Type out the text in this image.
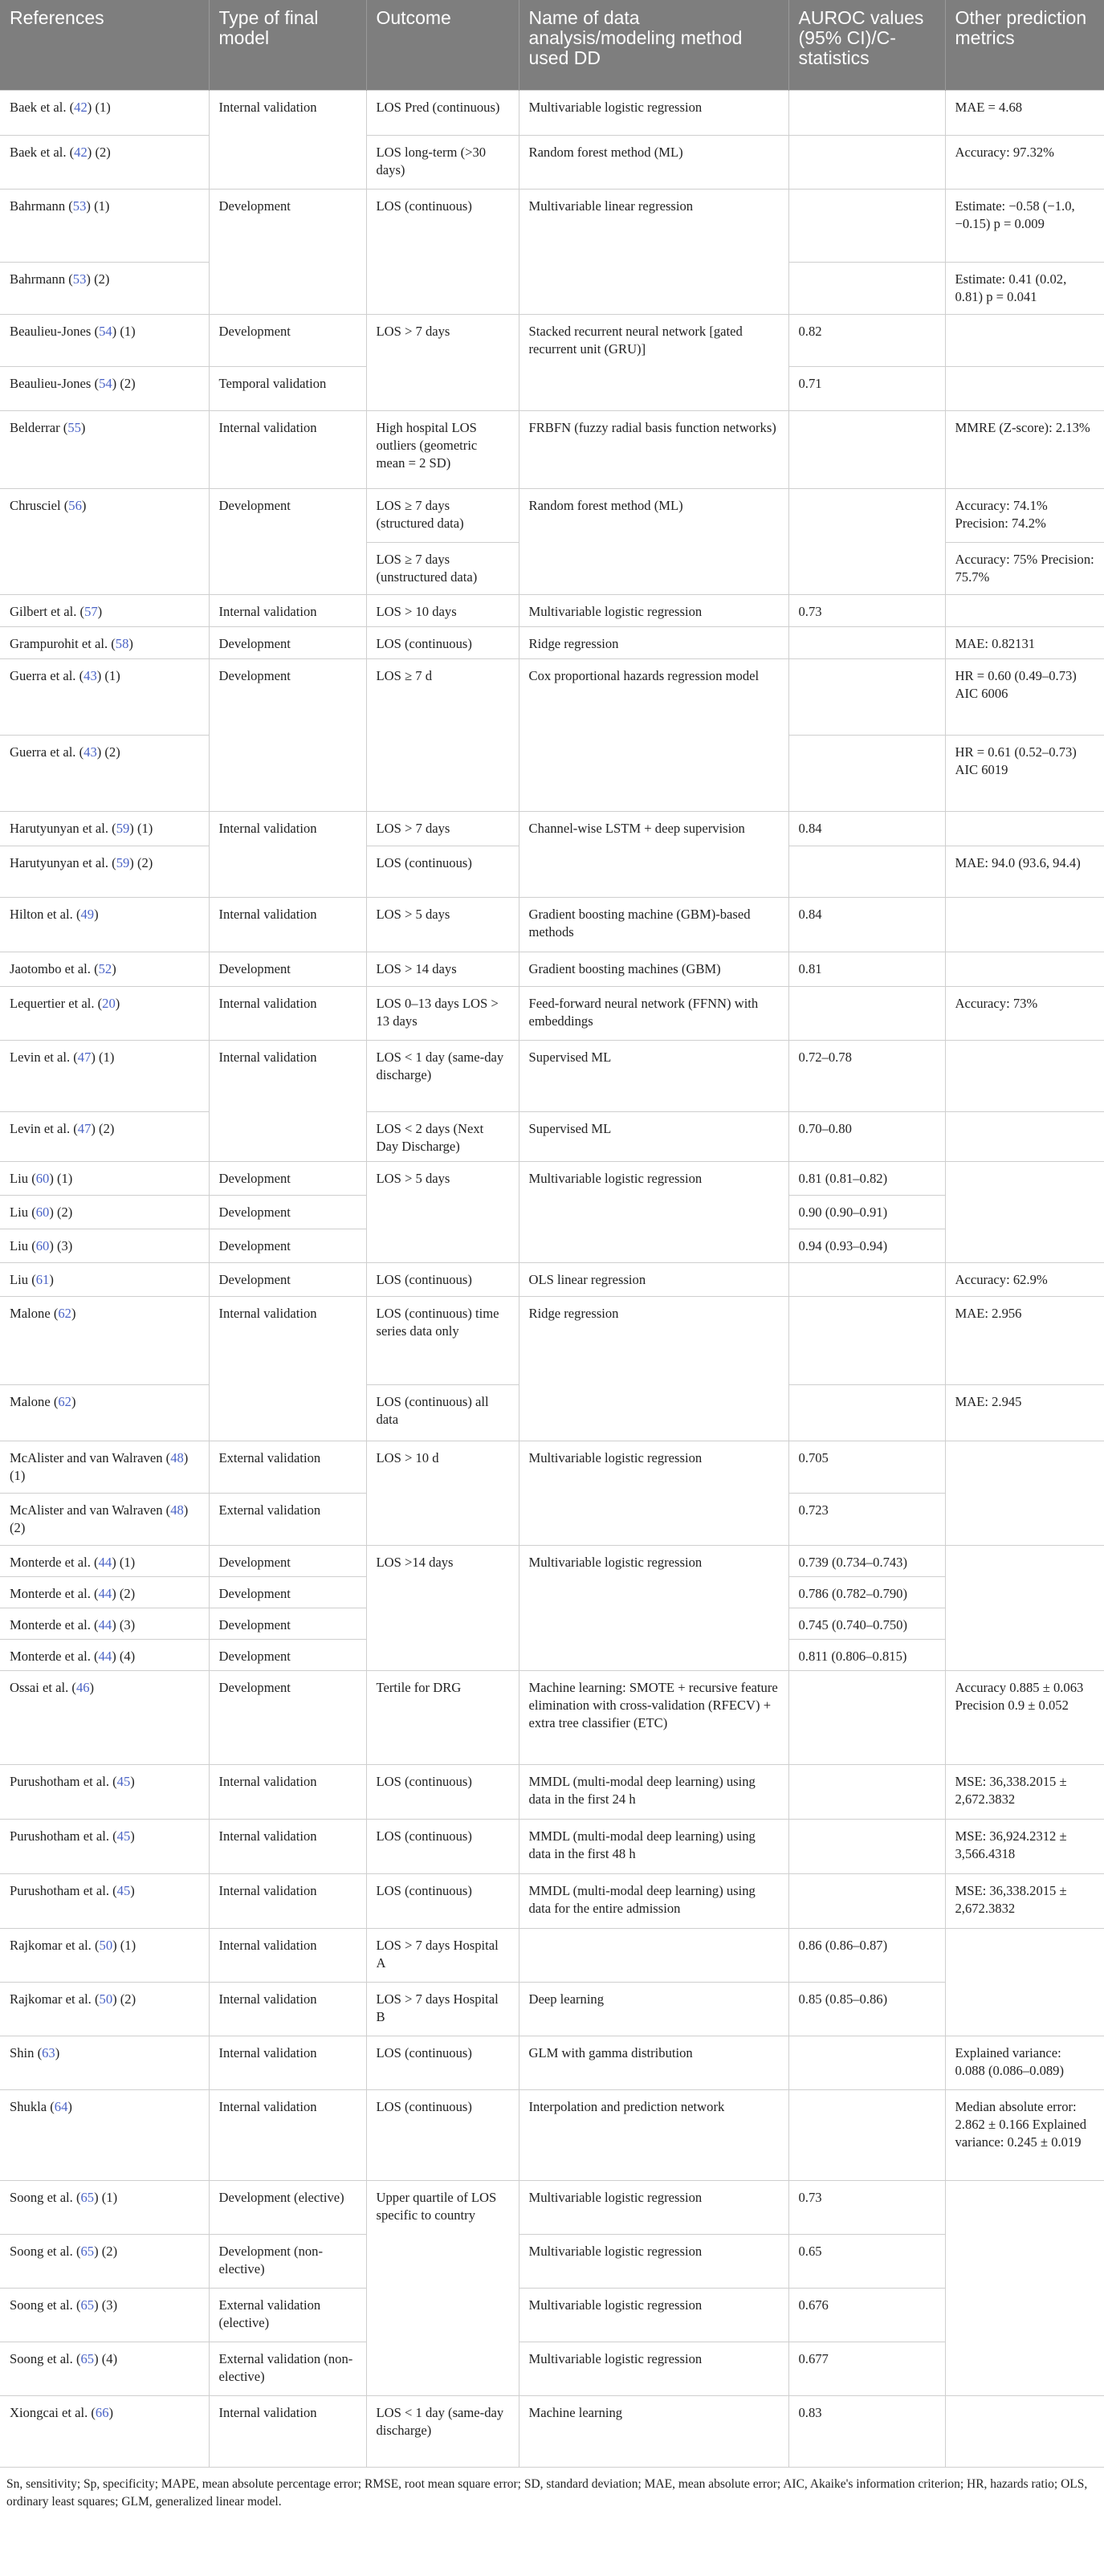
References	Type of final model	Outcome	Name of data analysis/modeling method used DD	AUROC values (95% CI)/C-statistics	Other prediction metrics
Baek et al. (42) (1)	Internal validation	LOS Pred (continuous)	Multivariable logistic regression		MAE = 4.68
Baek et al. (42) (2)		LOS long-term (>30 days)	Random forest method (ML)		Accuracy: 97.32%
Bahrmann (53) (1)	Development	LOS (continuous)	Multivariable linear regression		Estimate: −0.58 (−1.0, −0.15) p = 0.009
Bahrmann (53) (2)					Estimate: 0.41 (0.02, 0.81) p = 0.041
Beaulieu-Jones (54) (1)	Development	LOS > 7 days	Stacked recurrent neural network [gated recurrent unit (GRU)]	0.82	
Beaulieu-Jones (54) (2)	Temporal validation			0.71	
Belderrar (55)	Internal validation	High hospital LOS outliers (geometric mean = 2 SD)	FRBFN (fuzzy radial basis function networks)		MMRE (Z-score): 2.13%
Chrusciel (56)	Development	LOS ≥ 7 days (structured data)	Random forest method (ML)		Accuracy: 74.1% Precision: 74.2%
		LOS ≥ 7 days (unstructured data)			Accuracy: 75% Precision: 75.7%
Gilbert et al. (57)	Internal validation	LOS > 10 days	Multivariable logistic regression	0.73	
Grampurohit et al. (58)	Development	LOS (continuous)	Ridge regression		MAE: 0.82131
Guerra et al. (43) (1)	Development	LOS ≥ 7 d	Cox proportional hazards regression model		HR = 0.60 (0.49–0.73) AIC 6006
Guerra et al. (43) (2)					HR = 0.61 (0.52–0.73) AIC 6019
Harutyunyan et al. (59) (1)	Internal validation	LOS > 7 days	Channel-wise LSTM + deep supervision	0.84	
Harutyunyan et al. (59) (2)		LOS (continuous)			MAE: 94.0 (93.6, 94.4)
Hilton et al. (49)	Internal validation	LOS > 5 days	Gradient boosting machine (GBM)-based methods	0.84	
Jaotombo et al. (52)	Development	LOS > 14 days	Gradient boosting machines (GBM)	0.81	
Lequertier et al. (20)	Internal validation	LOS 0–13 days LOS > 13 days	Feed-forward neural network (FFNN) with embeddings		Accuracy: 73%
Levin et al. (47) (1)	Internal validation	LOS < 1 day (same-day discharge)	Supervised ML	0.72–0.78	
Levin et al. (47) (2)		LOS < 2 days (Next Day Discharge)	Supervised ML	0.70–0.80	
Liu (60) (1)	Development	LOS > 5 days	Multivariable logistic regression	0.81 (0.81–0.82)	
Liu (60) (2)	Development			0.90 (0.90–0.91)	
Liu (60) (3)	Development			0.94 (0.93–0.94)	
Liu (61)	Development	LOS (continuous)	OLS linear regression		Accuracy: 62.9%
Malone (62)	Internal validation	LOS (continuous) time series data only	Ridge regression		MAE: 2.956
Malone (62)		LOS (continuous) all data			MAE: 2.945
McAlister and van Walraven (48) (1)	External validation	LOS > 10 d	Multivariable logistic regression	0.705	
McAlister and van Walraven (48) (2)	External validation			0.723	
Monterde et al. (44) (1)	Development	LOS >14 days	Multivariable logistic regression	0.739 (0.734–0.743)	
Monterde et al. (44) (2)	Development			0.786 (0.782–0.790)	
Monterde et al. (44) (3)	Development			0.745 (0.740–0.750)	
Monterde et al. (44) (4)	Development			0.811 (0.806–0.815)	
Ossai et al. (46)	Development	Tertile for DRG	Machine learning: SMOTE + recursive feature elimination with cross-validation (RFECV) + extra tree classifier (ETC)		Accuracy 0.885 ± 0.063 Precision 0.9 ± 0.052
Purushotham et al. (45)	Internal validation	LOS (continuous)	MMDL (multi-modal deep learning) using data in the first 24 h		MSE: 36,338.2015 ± 2,672.3832
Purushotham et al. (45)	Internal validation	LOS (continuous)	MMDL (multi-modal deep learning) using data in the first 48 h		MSE: 36,924.2312 ± 3,566.4318
Purushotham et al. (45)	Internal validation	LOS (continuous)	MMDL (multi-modal deep learning) using data for the entire admission		MSE: 36,338.2015 ± 2,672.3832
Rajkomar et al. (50) (1)	Internal validation	LOS > 7 days Hospital A		0.86 (0.86–0.87)	
Rajkomar et al. (50) (2)	Internal validation	LOS > 7 days Hospital B	Deep learning	0.85 (0.85–0.86)	
Shin (63)	Internal validation	LOS (continuous)	GLM with gamma distribution		Explained variance: 0.088 (0.086–0.089)
Shukla (64)	Internal validation	LOS (continuous)	Interpolation and prediction network		Median absolute error: 2.862 ± 0.166 Explained variance: 0.245 ± 0.019
Soong et al. (65) (1)	Development (elective)	Upper quartile of LOS specific to country	Multivariable logistic regression	0.73	
Soong et al. (65) (2)	Development (non-elective)		Multivariable logistic regression	0.65	
Soong et al. (65) (3)	External validation (elective)		Multivariable logistic regression	0.676	
Soong et al. (65) (4)	External validation (non-elective)		Multivariable logistic regression	0.677	
Xiongcai et al. (66)	Internal validation	LOS < 1 day (same-day discharge)	Machine learning	0.83	
Sn, sensitivity; Sp, specificity; MAPE, mean absolute percentage error; RMSE, root mean square error; SD, standard deviation; MAE, mean absolute error; AIC, Akaike's information criterion; HR, hazards ratio; OLS, ordinary least squares; GLM, generalized linear model.
